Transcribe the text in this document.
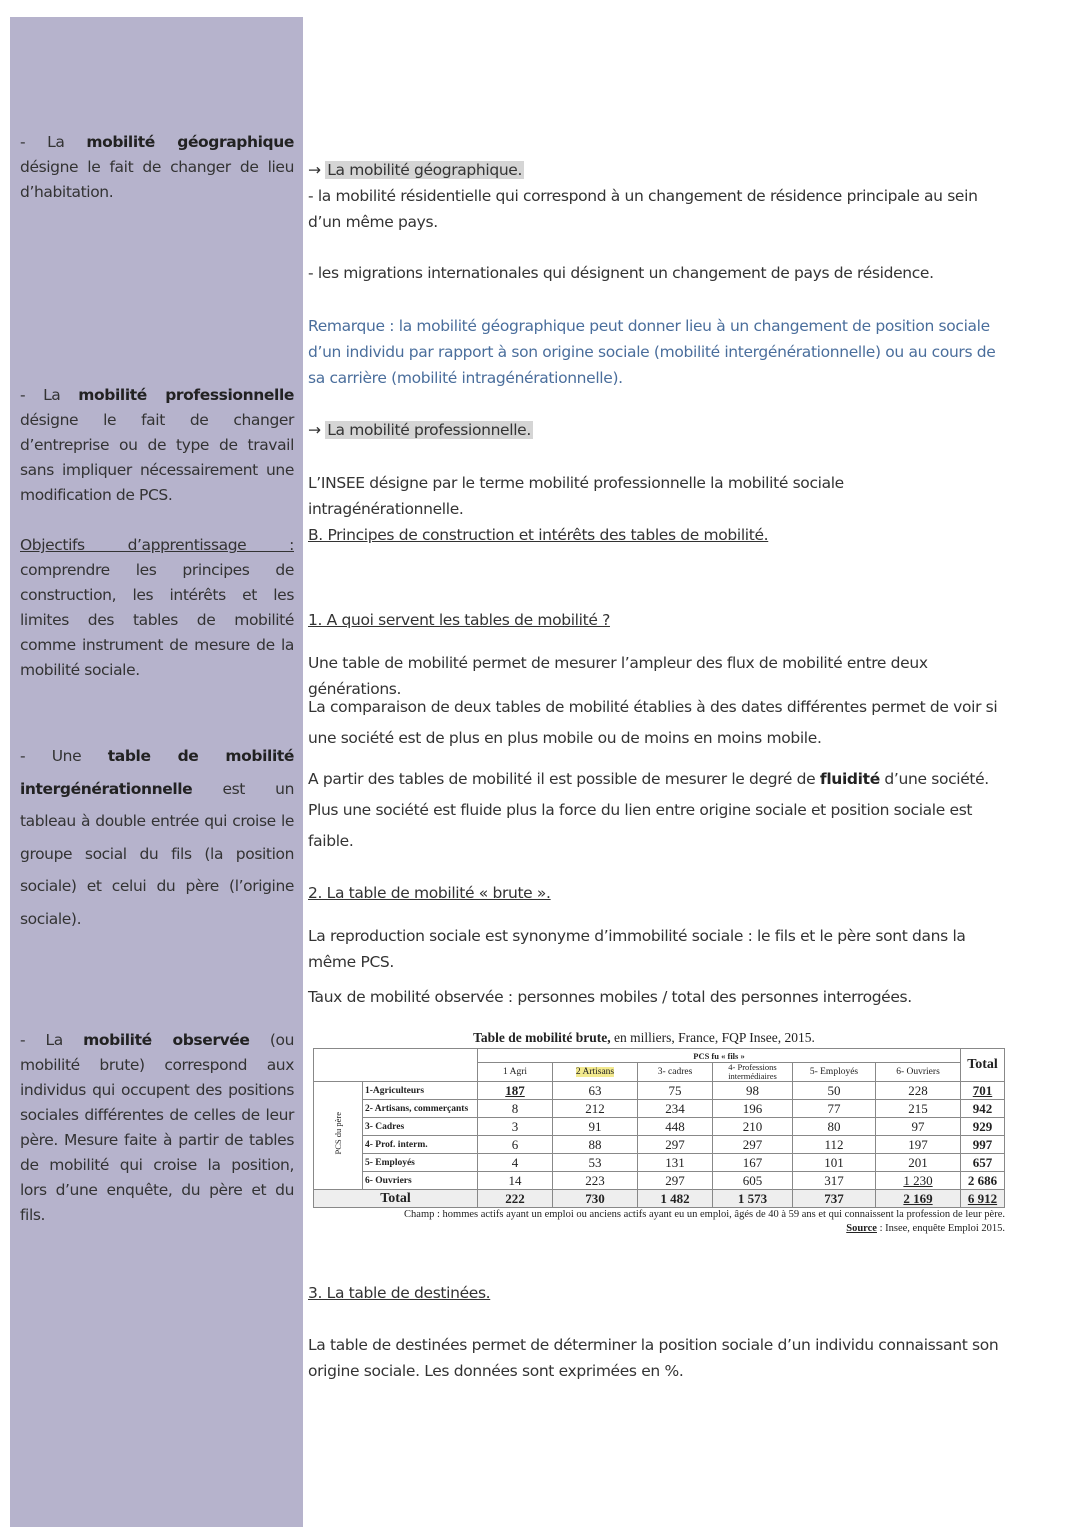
- La mobilité géographique désigne le fait de changer de lieu d’habitation.
- La mobilité professionnelle désigne le fait de changer d’entreprise ou de type de travail sans impliquer nécessairement une modification de PCS.
Objectifs d’apprentissage : comprendre les principes de construction, les intérêts et les limites des tables de mobilité comme instrument de mesure de la mobilité sociale.
- Une table de mobilité intergénérationnelle est un tableau à double entrée qui croise le groupe social du fils (la position sociale) et celui du père (l’origine sociale).
- La mobilité observée (ou mobilité brute) correspond aux individus qui occupent des positions sociales différentes de celles de leur père. Mesure faite à partir de tables de mobilité qui croise la position, lors d’une enquête, du père et du fils.
→ La mobilité géographique.
- la mobilité résidentielle qui correspond à un changement de résidence principale au sein d’un même pays.
- les migrations internationales qui désignent un changement de pays de résidence.
Remarque : la mobilité géographique peut donner lieu à un changement de position sociale d’un individu par rapport à son origine sociale (mobilité intergénérationnelle) ou au cours de sa carrière (mobilité intragénérationnelle).
→ La mobilité professionnelle.
L’INSEE désigne par le terme mobilité professionnelle la mobilité sociale intragénérationnelle.
B. Principes de construction et intérêts des tables de mobilité.
1. A quoi servent les tables de mobilité ?
Une table de mobilité permet de mesurer l’ampleur des flux de mobilité entre deux générations.
La comparaison de deux tables de mobilité établies à des dates différentes permet de voir si une société est de plus en plus mobile ou de moins en moins mobile.
A partir des tables de mobilité il est possible de mesurer le degré de fluidité d’une société. Plus une société est fluide plus la force du lien entre origine sociale et position sociale est faible.
2. La table de mobilité « brute ».
La reproduction sociale est synonyme d’immobilité sociale : le fils et le père sont dans la même PCS.
Taux de mobilité observée : personnes mobiles / total des personnes interrogées.
Table de mobilité brute, en milliers, France, FQP Insee, 2015.
		PCS fu « fils »						Total
		1 Agri	2 Artisans	3- cadres	4- Professions intermédiaires	5- Employés	6- Ouvriers	
PCS du père	1-Agriculteurs	187	63	75	98	50	228	701
	2- Artisans, commerçants	8	212	234	196	77	215	942
	3- Cadres	3	91	448	210	80	97	929
	4- Prof. interm.	6	88	297	297	112	197	997
	5- Employés	4	53	131	167	101	201	657
	6- Ouvriers	14	223	297	605	317	1 230	2 686
Total		222	730	1 482	1 573	737	2 169	6 912
Champ : hommes actifs ayant un emploi ou anciens actifs ayant eu un emploi, âgés de 40 à 59 ans et qui connaissent la profession de leur père.
Source : Insee, enquête Emploi 2015.
3. La table de destinées.
La table de destinées permet de déterminer la position sociale d’un individu connaissant son origine sociale. Les données sont exprimées en %.
